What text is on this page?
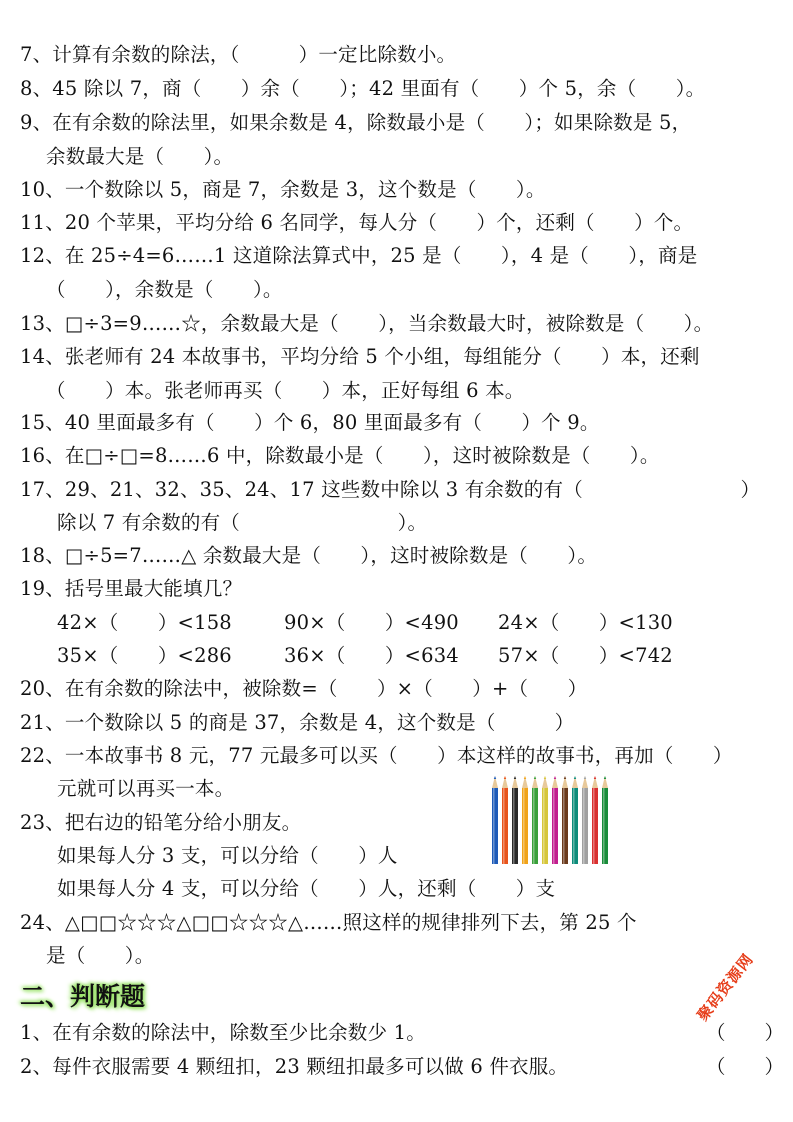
7、计算有余数的除法，（　　　）一定比除数小。
8、45 除以 7，商（　　）余（　　）；42 里面有（　　）个 5，余（　　）。
9、在有余数的除法里，如果余数是 4，除数最小是（　　）；如果除数是 5，
余数最大是（　　）。
10、一个数除以 5，商是 7，余数是 3，这个数是（　　）。
11、20 个苹果，平均分给 6 名同学，每人分（　　）个，还剩（　　）个。
12、在 25÷4=6……1 这道除法算式中，25 是（　　），4 是（　　），商是
（　　），余数是（　　）。
13、□÷3=9……☆，余数最大是（　　），当余数最大时，被除数是（　　）。
14、张老师有 24 本故事书，平均分给 5 个小组，每组能分（　　）本，还剩
（　　）本。张老师再买（　　）本，正好每组 6 本。
15、40 里面最多有（　　）个 6，80 里面最多有（　　）个 9。
16、在□÷□=8……6 中，除数最小是（　　），这时被除数是（　　）。
17、29、21、32、35、24、17 这些数中除以 3 有余数的有（　　　　　　　　）
除以 7 有余数的有（　　　　　　　　）。
18、□÷5=7……△ 余数最大是（　　），这时被除数是（　　）。
19、括号里最大能填几？
42×（　　）<158	90×（　　）<490 24×（　　）<130
35×（　　）<286	36×（　　）<634 57×（　　）<742
20、在有余数的除法中，被除数=（　　）×（　　）+（　　）
21、一个数除以 5 的商是 37，余数是 4，这个数是（　　　）
22、一本故事书 8 元，77 元最多可以买（　　）本这样的故事书，再加（　　）
元就可以再买一本。
23、把右边的铅笔分给小朋友。
如果每人分 3 支，可以分给（　　）人
如果每人分 4 支，可以分给（　　）人，还剩（　　）支
24、△□□☆☆☆△□□☆☆☆△……照这样的规律排列下去，第 25 个
是（　　）。
二、判断题
1、在有余数的除法中，除数至少比余数少 1。	（　　）
2、每件衣服需要 4 颗纽扣，23 颗纽扣最多可以做 6 件衣服。	（　　）
聚码资源网
